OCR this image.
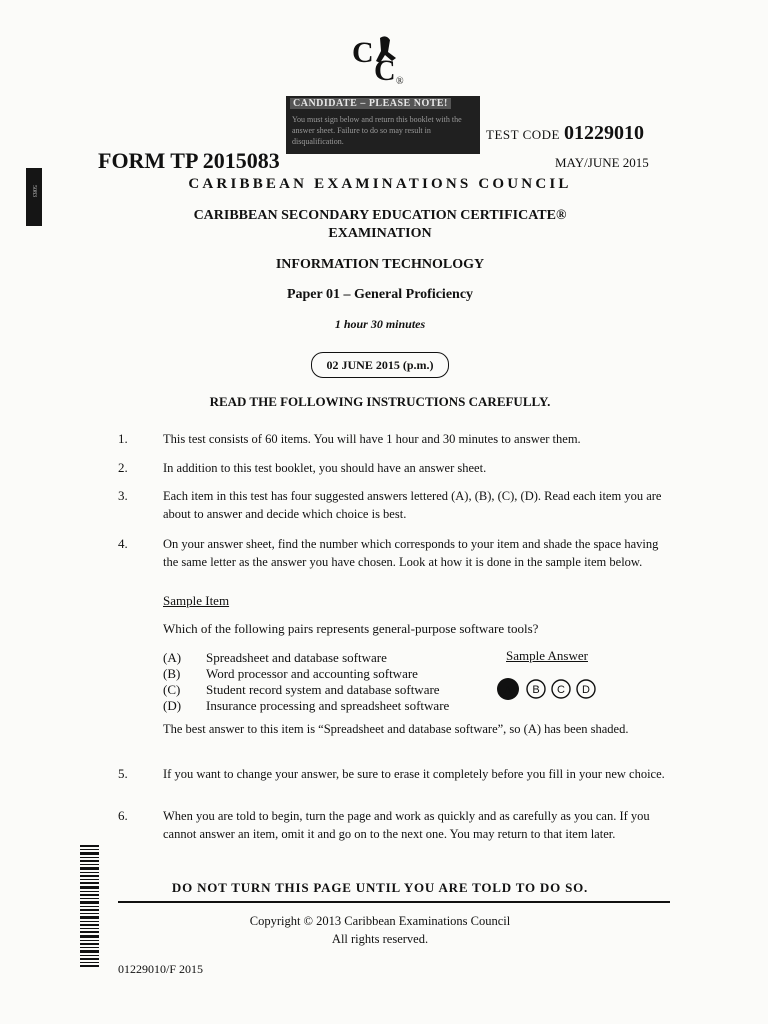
C
C ®
5083
CANDIDATE – PLEASE NOTE!
You must sign below and return this booklet with the answer sheet. Failure to do so may result in disqualification.	TEST CODE 01229010
FORM TP 2015083	MAY/JUNE 2015
CARIBBEAN EXAMINATIONS COUNCIL
CARIBBEAN SECONDARY EDUCATION CERTIFICATE®
EXAMINATION
INFORMATION TECHNOLOGY
Paper 01 – General Proficiency
1 hour 30 minutes
02 JUNE 2015 (p.m.)
READ THE FOLLOWING INSTRUCTIONS CAREFULLY.
1.	This test consists of 60 items. You will have 1 hour and 30 minutes to answer them.
2.	In addition to this test booklet, you should have an answer sheet.
3.	Each item in this test has four suggested answers lettered (A), (B), (C), (D). Read each item you are about to answer and decide which choice is best.
4.	On your answer sheet, find the number which corresponds to your item and shade the space having the same letter as the answer you have chosen. Look at how it is done in the sample item below.
Sample Item
Which of the following pairs represents general-purpose software tools?
(A) Spreadsheet and database software
(B) Word processor and accounting software
(C) Student record system and database software
(D) Insurance processing and spreadsheet software
Sample Answer
A B C D
The best answer to this item is “Spreadsheet and database software”, so (A) has been shaded.
5.	If you want to change your answer, be sure to erase it completely before you fill in your new choice.
6.	When you are told to begin, turn the page and work as quickly and as carefully as you can. If you cannot answer an item, omit it and go on to the next one. You may return to that item later.
DO NOT TURN THIS PAGE UNTIL YOU ARE TOLD TO DO SO.
Copyright © 2013 Caribbean Examinations Council
All rights reserved.
01229010/F 2015
